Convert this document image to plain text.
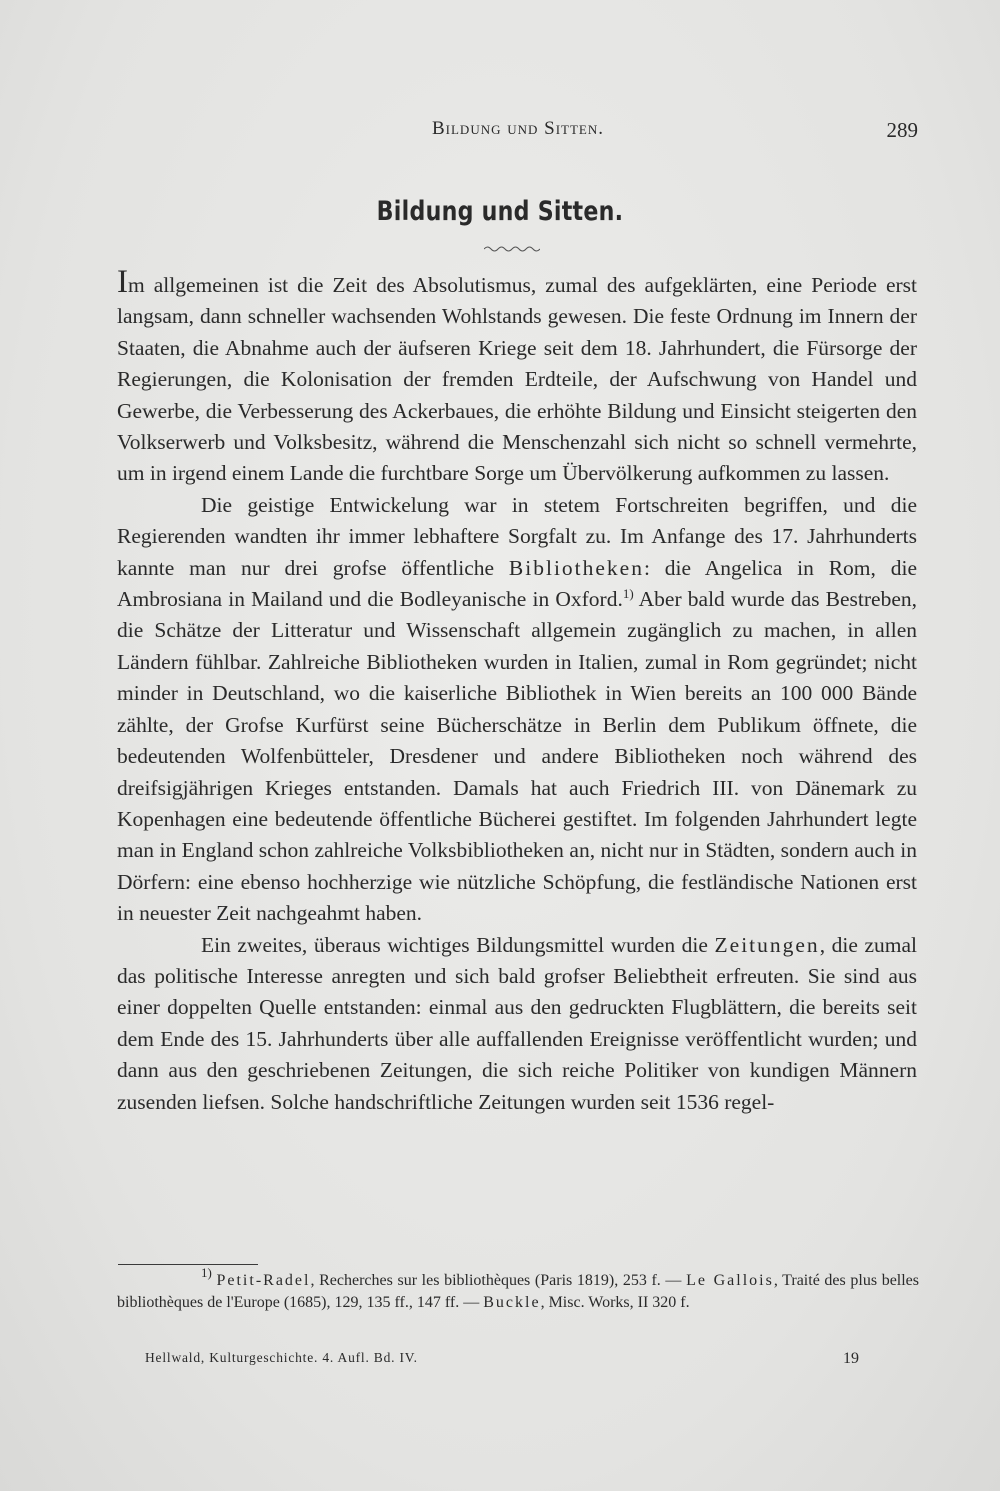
Bildung und Sitten.	289
Bildung und Sitten.

Im allgemeinen ist die Zeit des Absolutismus, zumal des aufgeklärten, eine Periode erst langsam, dann schneller wachsenden Wohlstands gewesen. Die feste Ordnung im Innern der Staaten, die Abnahme auch der äufseren Kriege seit dem 18. Jahrhundert, die Fürsorge der Regierungen, die Kolonisation der fremden Erdteile, der Aufschwung von Handel und Gewerbe, die Verbesserung des Ackerbaues, die erhöhte Bildung und Einsicht steigerten den Volkserwerb und Volksbesitz, während die Menschenzahl sich nicht so schnell vermehrte, um in irgend einem Lande die furchtbare Sorge um Übervölkerung aufkommen zu lassen.

Die geistige Entwickelung war in stetem Fortschreiten begriffen, und die Regierenden wandten ihr immer lebhaftere Sorgfalt zu. Im Anfange des 17. Jahrhunderts kannte man nur drei grofse öffentliche Bibliotheken: die Angelica in Rom, die Ambrosiana in Mailand und die Bodleyanische in Oxford.$^{1)}$ Aber bald wurde das Bestreben, die Schätze der Litteratur und Wissenschaft allgemein zugänglich zu machen, in allen Ländern fühlbar. Zahlreiche Bibliotheken wurden in Italien, zumal in Rom gegründet; nicht minder in Deutschland, wo die kaiserliche Bibliothek in Wien bereits an 100 000 Bände zählte, der Grofse Kurfürst seine Bücherschätze in Berlin dem Publikum öffnete, die bedeutenden Wolfenbütteler, Dresdener und andere Bibliotheken noch während des dreifsigjährigen Krieges entstanden. Damals hat auch Friedrich III. von Dänemark zu Kopenhagen eine bedeutende öffentliche Bücherei gestiftet. Im folgenden Jahrhundert legte man in England schon zahlreiche Volksbibliotheken an, nicht nur in Städten, sondern auch in Dörfern: eine ebenso hochherzige wie nützliche Schöpfung, die festländische Nationen erst in neuester Zeit nachgeahmt haben.

Ein zweites, überaus wichtiges Bildungsmittel wurden die Zeitungen, die zumal das politische Interesse anregten und sich bald grofser Beliebtheit erfreuten. Sie sind aus einer doppelten Quelle entstanden: einmal aus den gedruckten Flugblättern, die bereits seit dem Ende des 15. Jahrhunderts über alle auffallenden Ereignisse veröffentlicht wurden; und dann aus den geschriebenen Zeitungen, die sich reiche Politiker von kundigen Männern zusenden liefsen. Solche handschriftliche Zeitungen wurden seit 1536 regel-

$^{1)}$ Petit-Radel, Recherches sur les bibliothèques (Paris 1819), 253 f. — Le Gallois, Traité des plus belles bibliothèques de l'Europe (1685), 129, 135 ff., 147 ff. — Buckle, Misc. Works, II 320 f.

Hellwald, Kulturgeschichte. 4. Aufl. Bd. IV.	19
